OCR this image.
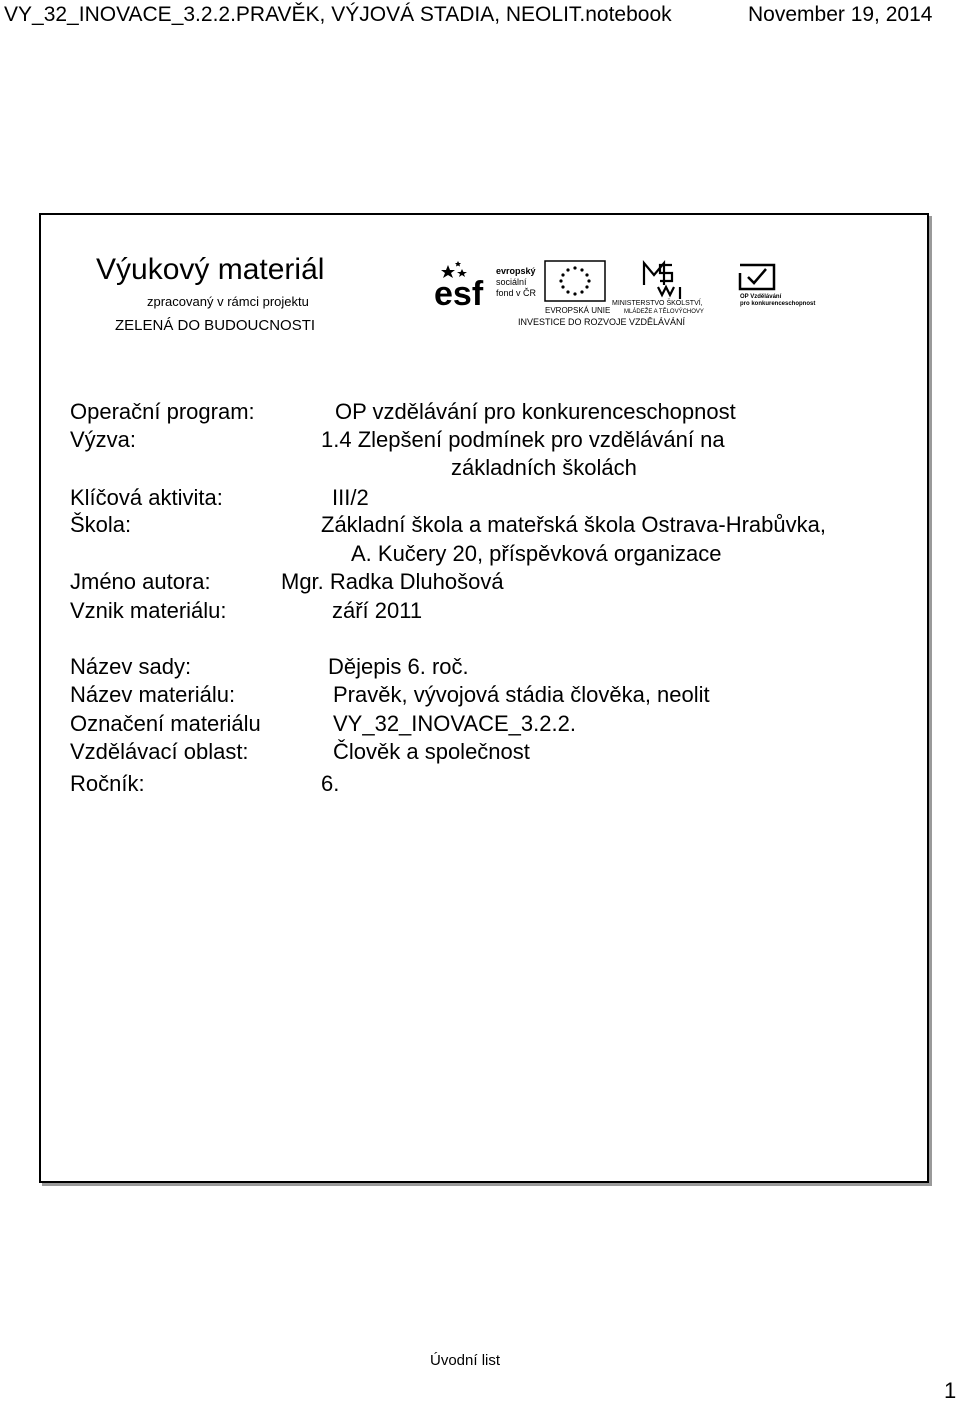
VY_32_INOVACE_3.2.2.PRAVĚK, VÝJOVÁ STADIA, NEOLIT.notebook	November 19, 2014
Výukový materiál
zpracovaný v rámci projektu
ZELENÁ DO BUDOUCNOSTI
esf
evropský
sociální
fond v ČR
EVROPSKÁ UNIE
MINISTERSTVO ŠKOLSTVÍ,
MLÁDEŽE A TĚLOVÝCHOVY
OP Vzdělávání
pro konkurenceschopnost
INVESTICE DO ROZVOJE VZDĚLÁVÁNÍ
Operační program:	OP vzdělávání pro konkurenceschopnost
Výzva:	1.4 Zlepšení podmínek pro vzdělávání na
základních školách
Klíčová aktivita:	III/2
Škola:	Základní škola a mateřská škola Ostrava-Hrabůvka,
A. Kučery 20, příspěvková organizace
Jméno autora:	Mgr. Radka Dluhošová
Vznik materiálu:	září 2011
Název sady:	Dějepis 6. roč.
Název materiálu:	Pravěk, vývojová stádia člověka, neolit
Označení materiálu	VY_32_INOVACE_3.2.2.
Vzdělávací oblast:	Člověk a společnost
Ročník:	6.
Úvodní list
1
